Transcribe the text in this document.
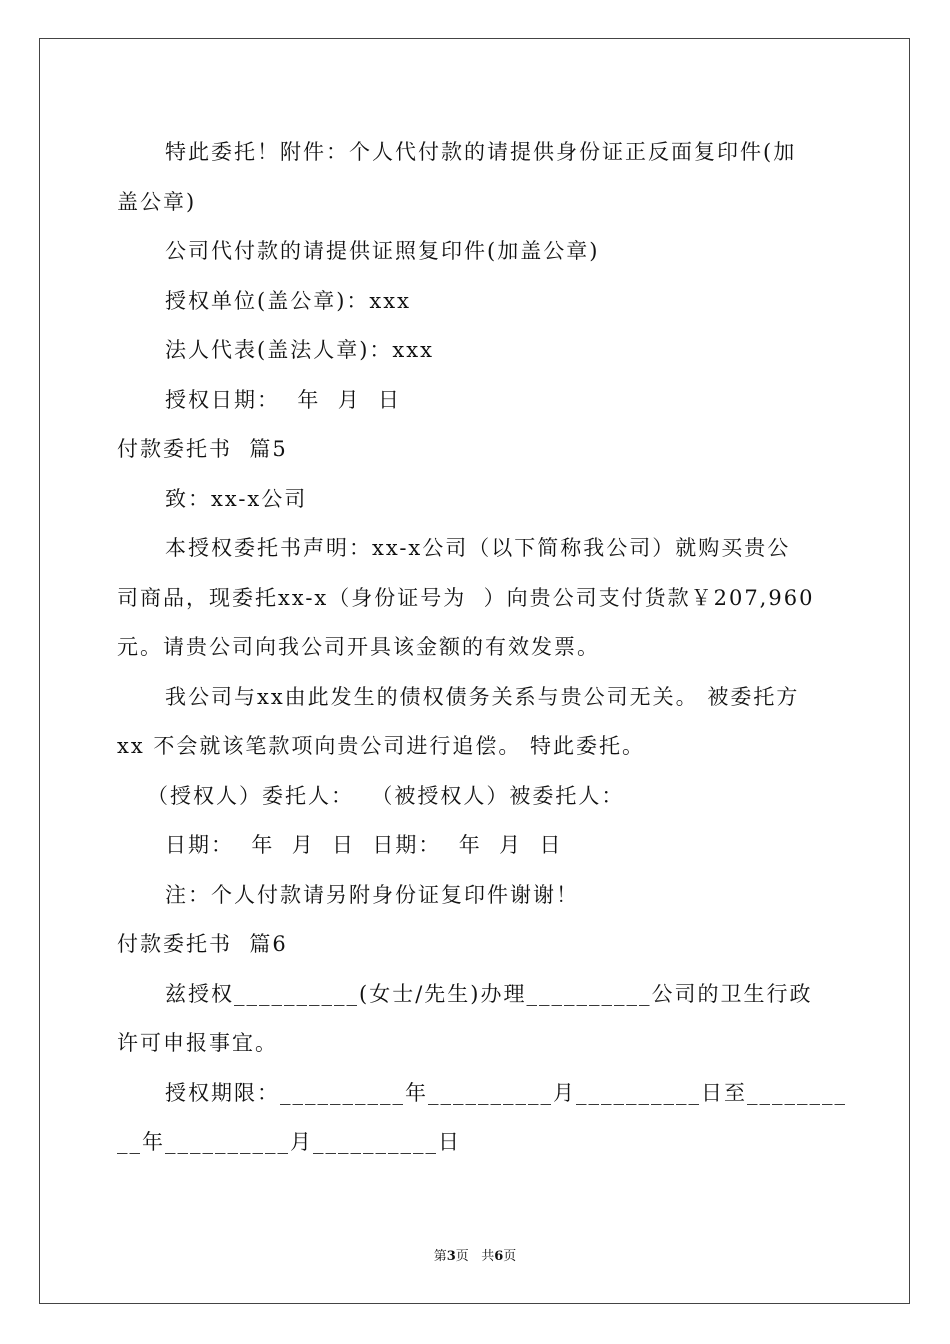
特此委托！附件：个人代付款的请提供身份证正反面复印件(加
盖公章)
公司代付款的请提供证照复印件(加盖公章)
授权单位(盖公章)：xxx
法人代表(盖法人章)：xxx
授权日期：  年  月  日
付款委托书  篇5
致：xx-x公司
本授权委托书声明：xx-x公司（以下简称我公司）就购买贵公
司商品，现委托xx-x（身份证号为  ）向贵公司支付货款￥207,960
元。请贵公司向我公司开具该金额的有效发票。
我公司与xx由此发生的债权债务关系与贵公司无关。 被委托方
xx 不会就该笔款项向贵公司进行追偿。 特此委托。
（授权人）委托人：  （被授权人）被委托人：
日期：  年  月  日  日期：  年  月  日
注：个人付款请另附身份证复印件谢谢！
付款委托书  篇6
兹授权__________(女士/先生)办理__________公司的卫生行政
许可申报事宜。
授权期限：__________年__________月__________日至________
__年__________月__________日
第3页 共6页
